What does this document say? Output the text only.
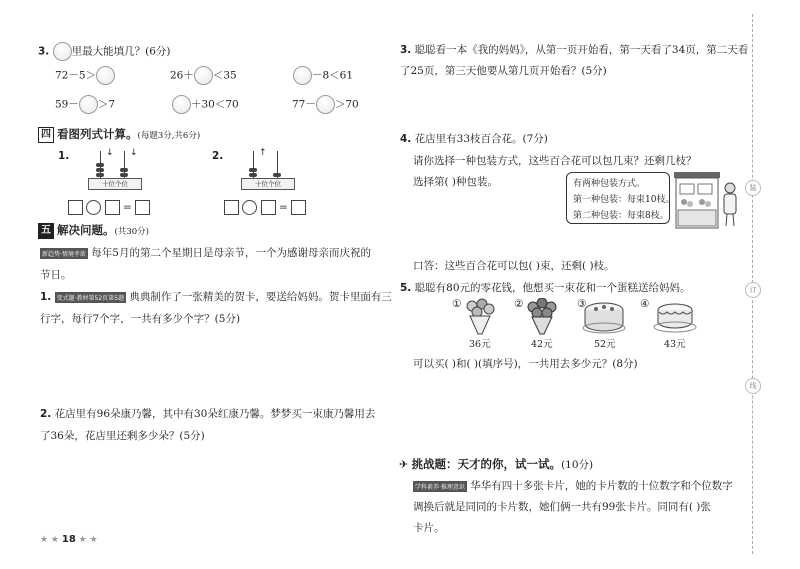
3. 里最大能填几？(6分)
72－5＞	26＋ ＜35	－8＜61
59－ ＞7	＋30＜70	77－ ＞70
四 看图列式计算。(每题3分,共6分)
1.	2.
↓ ↓
十位个位
↑
十位个位
=	=
五 解决问题。(共30分)
新趋势·情境孝欲 每年5月的第二个星期日是母亲节，一个为感谢母亲而庆祝的
节日。
1. 变式题·教材第52页第5题 典典制作了一张精美的贺卡，要送给妈妈。贺卡里面有三
行字，每行7个字，一共有多少个字？(5分)
2. 花店里有96朵康乃馨，其中有30朵红康乃馨。梦梦买一束康乃馨用去
了36朵，花店里还剩多少朵？(5分)
★ ★ 18 ★ ★
3. 聪聪看一本《我的妈妈》，从第一页开始看，第一天看了34页，第二天看
了25页，第三天他要从第几页开始看？(5分)
4. 花店里有33枝百合花。(7分)
请你选择一种包装方式，这些百合花可以包几束？还剩几枝？
选择第( )种包装。	有两种包装方式。
第一种包装：每束10枝。
第二种包装：每束8枝。
口答：这些百合花可以包( )束，还剩( )枝。
5. 聪聪有80元的零花钱，他想买一束花和一个蛋糕送给妈妈。
①	②	③	④
36元	42元	52元	43元
可以买( )和( )(填序号)，一共用去多少元？(8分)
✈ 挑战题：天才的你，试一试。(10分)
学科素养·推理意识 华华有四十多张卡片，她的卡片数的十位数字和个位数字
调换后就是同同的卡片数，她们俩一共有99张卡片。同同有( )张
卡片。
装
订
线
